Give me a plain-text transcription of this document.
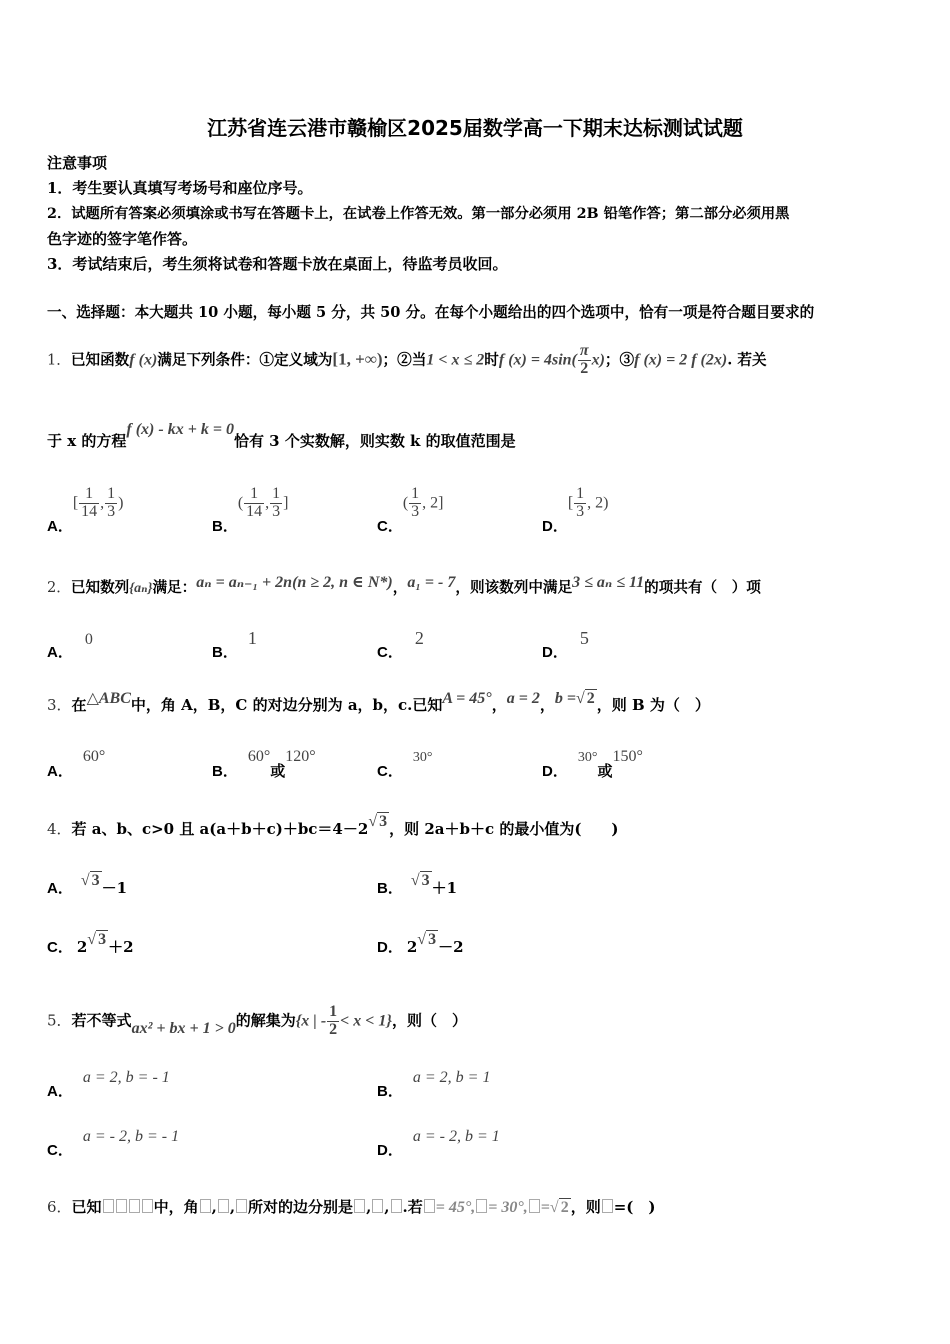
江苏省连云港市赣榆区2025届数学高一下期末达标测试试题
注意事项
1．考生要认真填写考场号和座位序号。
2．试题所有答案必须填涂或书写在答题卡上，在试卷上作答无效。第一部分必须用 2B 铅笔作答；第二部分必须用黑
色字迹的签字笔作答。
3．考试结束后，考生须将试卷和答题卡放在桌面上，待监考员收回。
一、选择题：本大题共 10 小题，每小题 5 分，共 50 分。在每个小题给出的四个选项中，恰有一项是符合题目要求的
1．已知函数f (x)满足下列条件：①定义域为[1, +∞)；②当1 < x ≤ 2时f $(x) = 4\sin( \frac{\pi}{2} x)$；③f (x) = 2 f (2x). 若关
于 x 的方程f (x) - kx + k = 0恰有 3 个实数解，则实数 k 的取值范围是
A．[ $\frac{1}{14}$ , $\frac{1}{3}$ )
B．( $\frac{1}{14}$ , $\frac{1}{3}$ ]
C．( $\frac{1}{3}$ , 2]
D．[ $\frac{1}{3}$ , 2)
2．已知数列{aₙ}满足：aₙ = aₙ₋₁ + 2n(n ≥ 2, n ∈ N*)，a₁ = - 7，则该数列中满足3 ≤ aₙ ≤ 11的项共有（　）项
A．0
B．1
C．2
D．5
3．在△ABC中，角 A，B，C 的对边分别为 a，b，c.已知A = 45°，a = 2，b =√ 2 ，则 B 为（　）
A．60°
B．60°或120°
C．30°
D．30°或150°
4．若 a、b、c>0 且 a(a＋b＋c)＋bc＝4－2√ 3 ，则 2a＋b＋c 的最小值为(　　)
A． √ 3 －1	B． √ 3 ＋1
C． 2√ 3 ＋2	D． 2√ 3 －2
5．若不等式ax² + bx + 1 > 0的解集为{x | - $\frac{1}{2} < x < 1$}，则（　）
A．a = 2, b = - 1
B．a = 2, b = 1
C．a = - 2, b = - 1
D．a = - 2, b = 1
6．已知	中，角 , , 所对的边分别是 , , .若 = 45°, = 30°, =√ 2 ，则 =(　)
